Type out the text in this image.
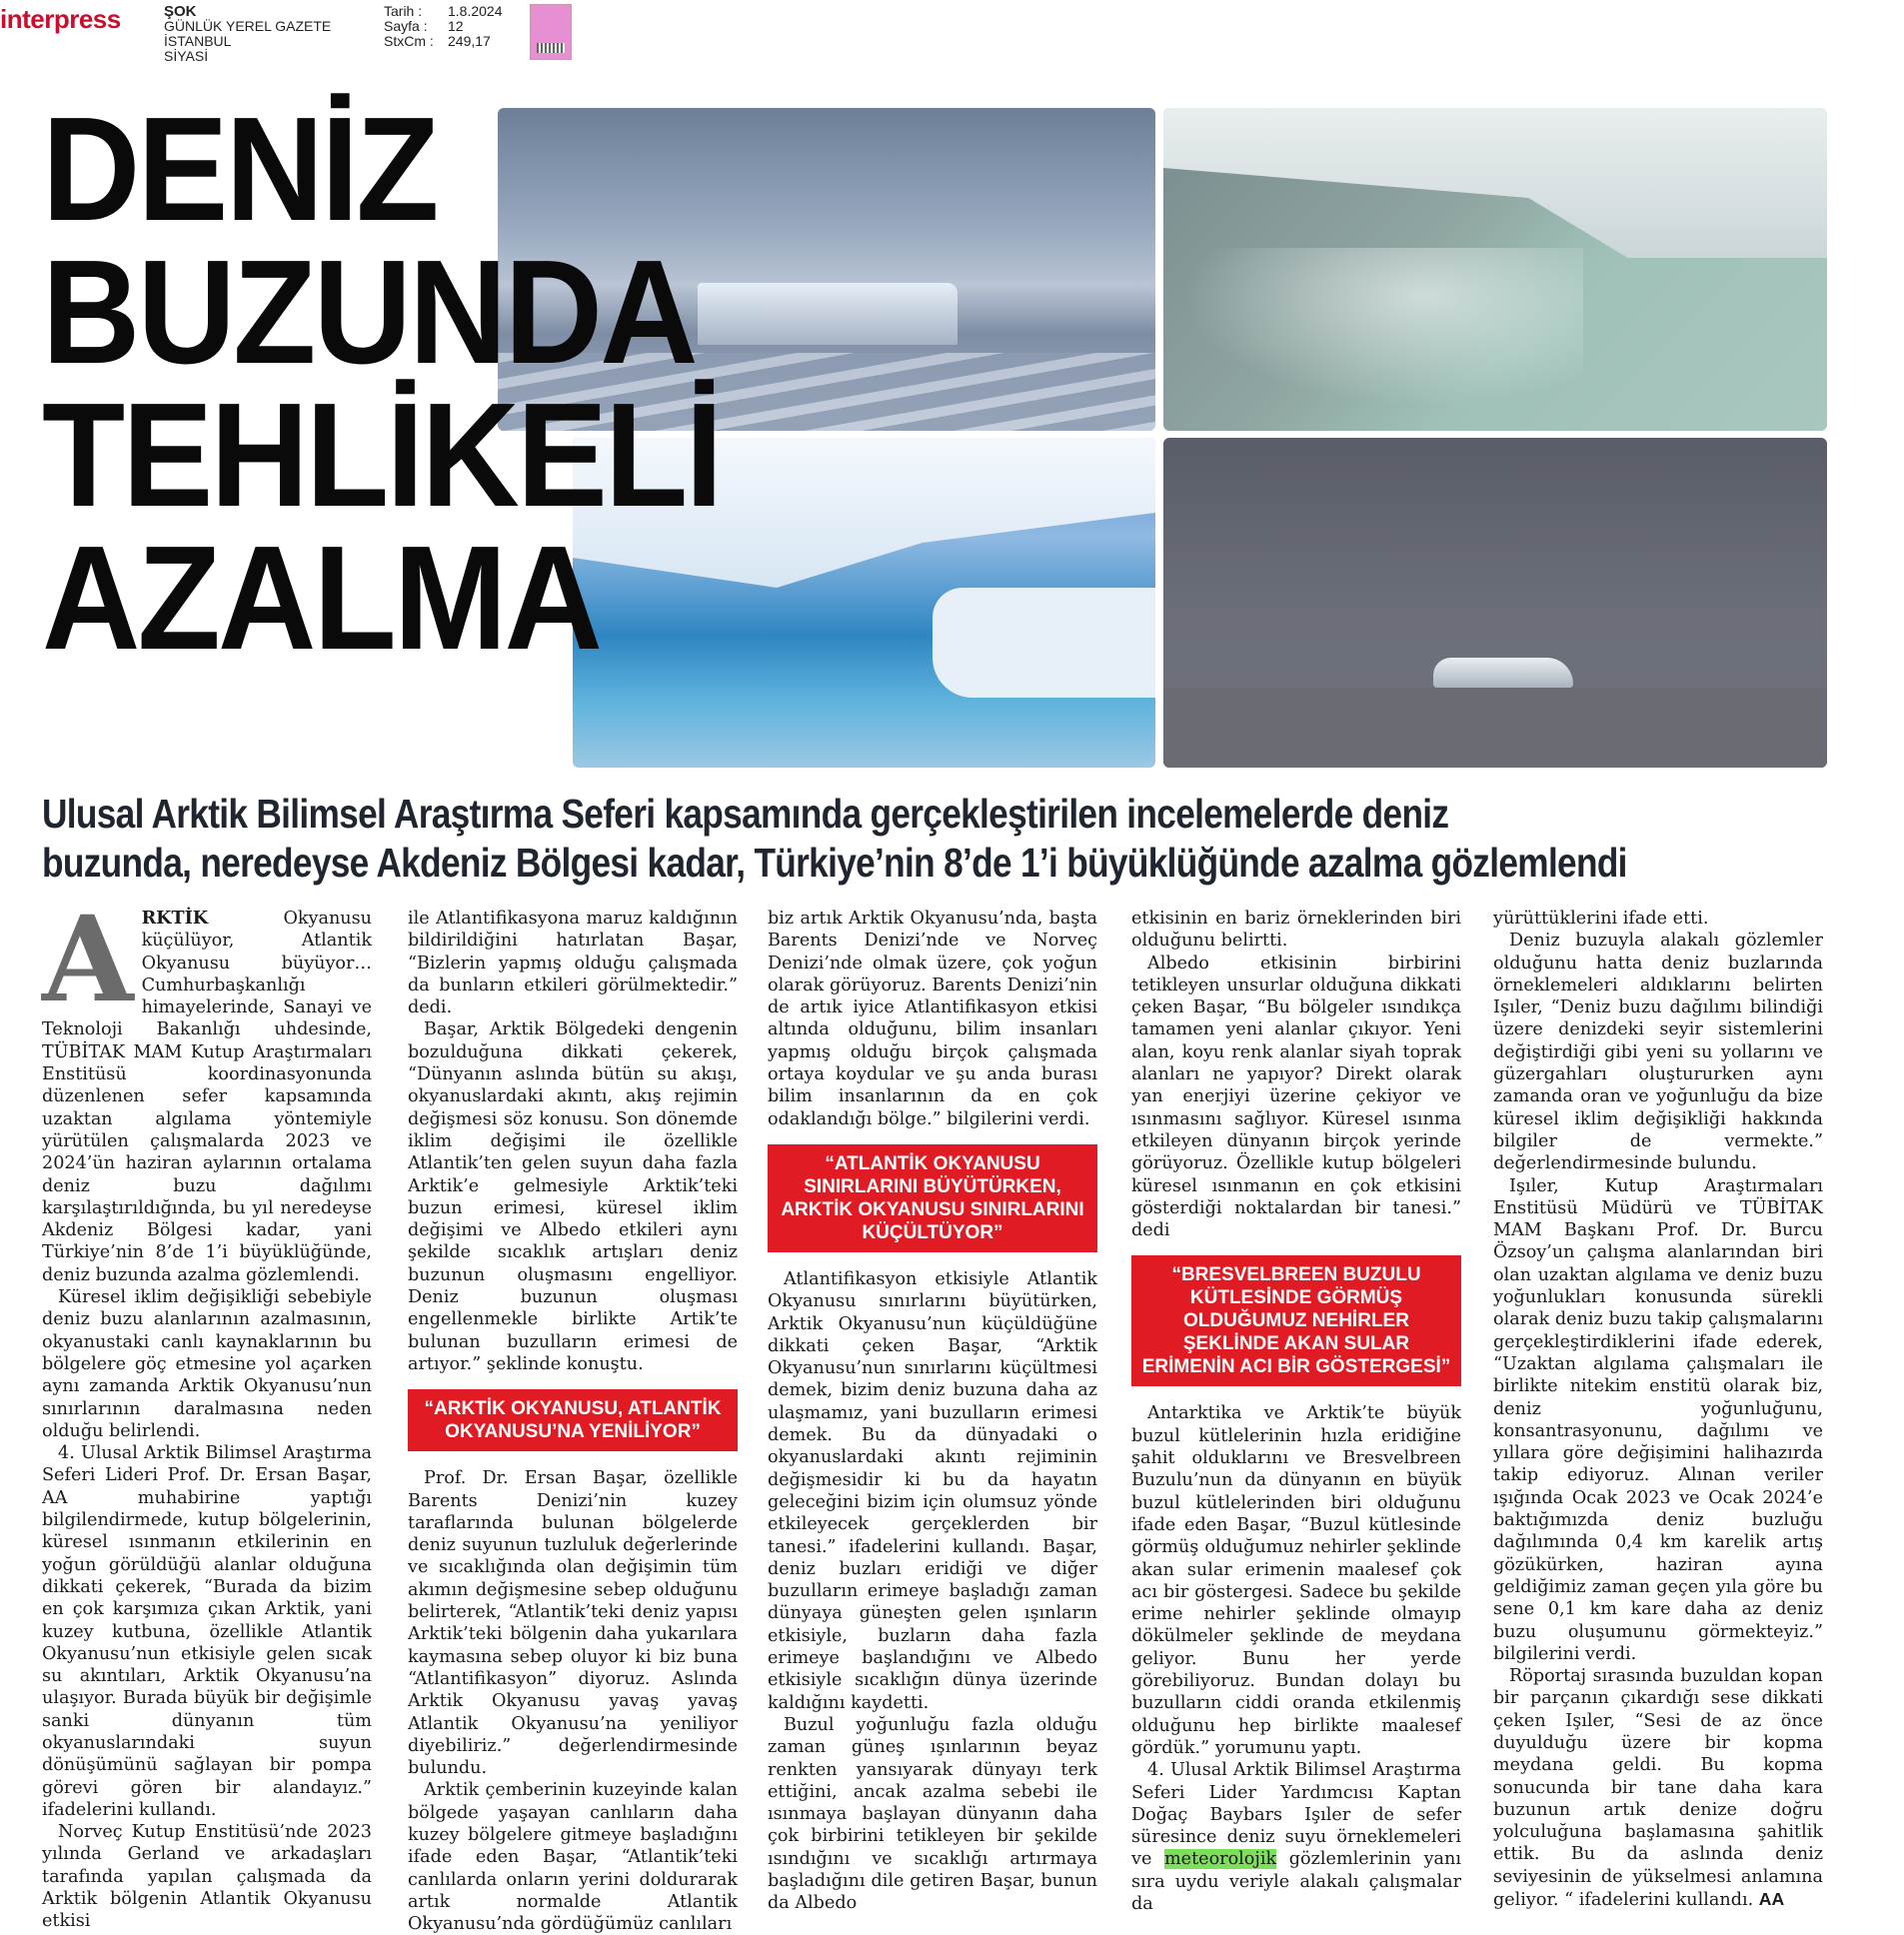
interpress	ŞOK
GÜNLÜK YEREL GAZETE
İSTANBUL
SİYASİ
Tarih : 1.8.2024
Sayfa : 12
StxCm : 249,17
DENİZ
BUZUNDA
TEHLİKELİ
AZALMA
Ulusal Arktik Bilimsel Araştırma Seferi kapsamında gerçekleştirilen incelemelerde deniz
buzunda, neredeyse Akdeniz Bölgesi kadar, Türkiye’nin 8’de 1’i büyüklüğünde azalma gözlemlendi

ARKTİK	Okyanusu küçülüyor, Atlantik Okyanusu büyüyor… Cumhurbaşkanlığı himayelerinde, Sanayi ve Teknoloji Bakanlığı uhdesinde, TÜBİTAK MAM Kutup Araştırmaları Enstitüsü koordinasyonunda düzenlenen sefer kapsamında uzaktan algılama yöntemiyle yürütülen çalışmalarda 2023 ve 2024’ün haziran aylarının ortalama deniz buzu dağılımı karşılaştırıldığında, bu yıl neredeyse Akdeniz Bölgesi kadar, yani Türkiye’nin 8’de 1’i büyüklüğünde, deniz buzunda azalma gözlemlendi.

Küresel iklim değişikliği sebebiyle deniz buzu alanlarının azalmasının, okyanustaki canlı kaynaklarının bu bölgelere göç etmesine yol açarken aynı zamanda Arktik Okyanusu’nun sınırlarının daralmasına neden olduğu belirlendi.

4. Ulusal Arktik Bilimsel Araştırma Seferi Lideri Prof. Dr. Ersan Başar, AA muhabirine yaptığı bilgilendirmede, kutup bölgelerinin, küresel ısınmanın etkilerinin en yoğun görüldüğü alanlar olduğuna dikkati çekerek, “Burada da bizim en çok karşımıza çıkan Arktik, yani kuzey kutbuna, özellikle Atlantik Okyanusu’nun etkisiyle gelen sıcak su akıntıları, Arktik Okyanusu’na ulaşıyor. Burada büyük bir değişimle sanki dünyanın tüm okyanuslarındaki suyun dönüşümünü sağlayan bir pompa görevi gören bir alandayız.” ifadelerini kullandı.

Norveç Kutup Enstitüsü’nde 2023 yılında Gerland ve arkadaşları tarafında yapılan çalışmada da Arktik bölgenin Atlantik Okyanusu etkisi

ile Atlantifikasyona maruz kaldığının bildirildiğini hatırlatan Başar, “Bizlerin yapmış olduğu çalışmada da bunların etkileri görülmektedir.” dedi.

Başar, Arktik Bölgedeki dengenin bozulduğuna dikkati çekerek, “Dünyanın aslında bütün su akışı, okyanuslardaki akıntı, akış rejimin değişmesi söz konusu. Son dönemde iklim değişimi ile özellikle Atlantik’ten gelen suyun daha fazla Arktik’e gelmesiyle Arktik’teki buzun erimesi, küresel iklim değişimi ve Albedo etkileri aynı şekilde sıcaklık artışları deniz buzunun oluşmasını engelliyor. Deniz buzunun oluşması engellenmekle birlikte Artik’te bulunan buzulların erimesi de artıyor.” şeklinde konuştu.

“ARKTİK OKYANUSU, ATLANTİK OKYANUSU’NA YENİLİYOR”

Prof. Dr. Ersan Başar, özellikle Barents Denizi’nin kuzey taraflarında bulunan bölgelerde deniz suyunun tuzluluk değerlerinde ve sıcaklığında olan değişimin tüm akımın değişmesine sebep olduğunu belirterek, “Atlantik’teki deniz yapısı Arktik’teki bölgenin daha yukarılara kaymasına sebep oluyor ki biz buna “Atlantifikasyon” diyoruz. Aslında Arktik Okyanusu yavaş yavaş Atlantik Okyanusu’na yeniliyor diyebiliriz.” değerlendirmesinde bulundu.

Arktik çemberinin kuzeyinde kalan bölgede yaşayan canlıların daha kuzey bölgelere gitmeye başladığını ifade eden Başar, “Atlantik’teki canlılarda onların yerini doldurarak artık normalde Atlantik Okyanusu’nda gördüğümüz canlıları

biz artık Arktik Okyanusu’nda, başta Barents Denizi’nde ve Norveç Denizi’nde olmak üzere, çok yoğun olarak görüyoruz. Barents Denizi’nin de artık iyice Atlantifikasyon etkisi altında olduğunu, bilim insanları yapmış olduğu birçok çalışmada ortaya koydular ve şu anda burası bilim insanlarının da en çok odaklandığı bölge.” bilgilerini verdi.

“ATLANTİK OKYANUSU SINIRLARINI BÜYÜTÜRKEN, ARKTİK OKYANUSU SINIRLARINI KÜÇÜLTÜYOR”

Atlantifikasyon etkisiyle Atlantik Okyanusu sınırlarını büyütürken, Arktik Okyanusu’nun küçüldüğüne dikkati çeken Başar, “Arktik Okyanusu’nun sınırlarını küçültmesi demek, bizim deniz buzuna daha az ulaşmamız, yani buzulların erimesi demek. Bu da dünyadaki o okyanuslardaki akıntı rejiminin değişmesidir ki bu da hayatın geleceğini bizim için olumsuz yönde etkileyecek gerçeklerden bir tanesi.” ifadelerini kullandı. Başar, deniz buzları eridiği ve diğer buzulların erimeye başladığı zaman dünyaya güneşten gelen ışınların etkisiyle, buzların daha fazla erimeye başlandığını ve Albedo etkisiyle sıcaklığın dünya üzerinde kaldığını kaydetti.

Buzul yoğunluğu fazla olduğu zaman güneş ışınlarının beyaz renkten yansıyarak dünyayı terk ettiğini, ancak azalma sebebi ile ısınmaya başlayan dünyanın daha çok birbirini tetikleyen bir şekilde ısındığını ve sıcaklığı artırmaya başladığını dile getiren Başar, bunun da Albedo

etkisinin en bariz örneklerinden biri olduğunu belirtti.

Albedo etkisinin birbirini tetikleyen unsurlar olduğuna dikkati çeken Başar, “Bu bölgeler ısındıkça tamamen yeni alanlar çıkıyor. Yeni alan, koyu renk alanlar siyah toprak alanları ne yapıyor? Direkt olarak yan enerjiyi üzerine çekiyor ve ısınmasını sağlıyor. Küresel ısınma etkileyen dünyanın birçok yerinde görüyoruz. Özellikle kutup bölgeleri küresel ısınmanın en çok etkisini gösterdiği noktalardan bir tanesi.” dedi

“BRESVELBREEN BUZULU KÜTLESİNDE GÖRMÜŞ OLDUĞUMUZ NEHİRLER ŞEKLİNDE AKAN SULAR ERİMENİN ACI BİR GÖSTERGESİ”

Antarktika ve Arktik’te büyük buzul kütlelerinin hızla eridiğine şahit olduklarını ve Bresvelbreen Buzulu’nun da dünyanın en büyük buzul kütlelerinden biri olduğunu ifade eden Başar, “Buzul kütlesinde görmüş olduğumuz nehirler şeklinde akan sular erimenin maalesef çok acı bir göstergesi. Sadece bu şekilde erime nehirler şeklinde olmayıp dökülmeler şeklinde de meydana geliyor. Bunu her yerde görebiliyoruz. Bundan dolayı bu buzulların ciddi oranda etkilenmiş olduğunu hep birlikte maalesef gördük.” yorumunu yaptı.

4. Ulusal Arktik Bilimsel Araştırma Seferi Lider Yardımcısı Kaptan Doğaç Baybars Işıler de sefer süresince deniz suyu örneklemeleri ve meteorolojik gözlemlerinin yanı sıra uydu veriyle alakalı çalışmalar da

yürüttüklerini ifade etti.

Deniz buzuyla alakalı gözlemler olduğunu hatta deniz buzlarında örneklemeleri aldıklarını belirten Işıler, “Deniz buzu dağılımı bilindiği üzere denizdeki seyir sistemlerini değiştirdiği gibi yeni su yollarını ve güzergahları oluştururken aynı zamanda oran ve yoğunluğu da bize küresel iklim değişikliği hakkında bilgiler de vermekte.” değerlendirmesinde bulundu.

Işıler, Kutup Araştırmaları Enstitüsü Müdürü ve TÜBİTAK MAM Başkanı Prof. Dr. Burcu Özsoy’un çalışma alanlarından biri olan uzaktan algılama ve deniz buzu yoğunlukları konusunda sürekli olarak deniz buzu takip çalışmalarını gerçekleştirdiklerini ifade ederek, “Uzaktan algılama çalışmaları ile birlikte nitekim enstitü olarak biz, deniz yoğunluğunu, konsantrasyonunu, dağılımı ve yıllara göre değişimini halihazırda takip ediyoruz. Alınan veriler ışığında Ocak 2023 ve Ocak 2024’e baktığımızda deniz buzluğu dağılımında 0,4 km karelik artış gözükürken, haziran ayına geldiğimiz zaman geçen yıla göre bu sene 0,1 km kare daha az deniz buzu oluşumunu görmekteyiz.” bilgilerini verdi.

Röportaj sırasında buzuldan kopan bir parçanın çıkardığı sese dikkati çeken Işıler, “Sesi de az önce duyulduğu üzere bir kopma meydana geldi. Bu kopma sonucunda bir tane daha kara buzunun artık denize doğru yolculuğuna başlamasına şahitlik ettik. Bu da aslında deniz seviyesinin de yükselmesi anlamına geliyor. “ ifadelerini kullandı. AA
